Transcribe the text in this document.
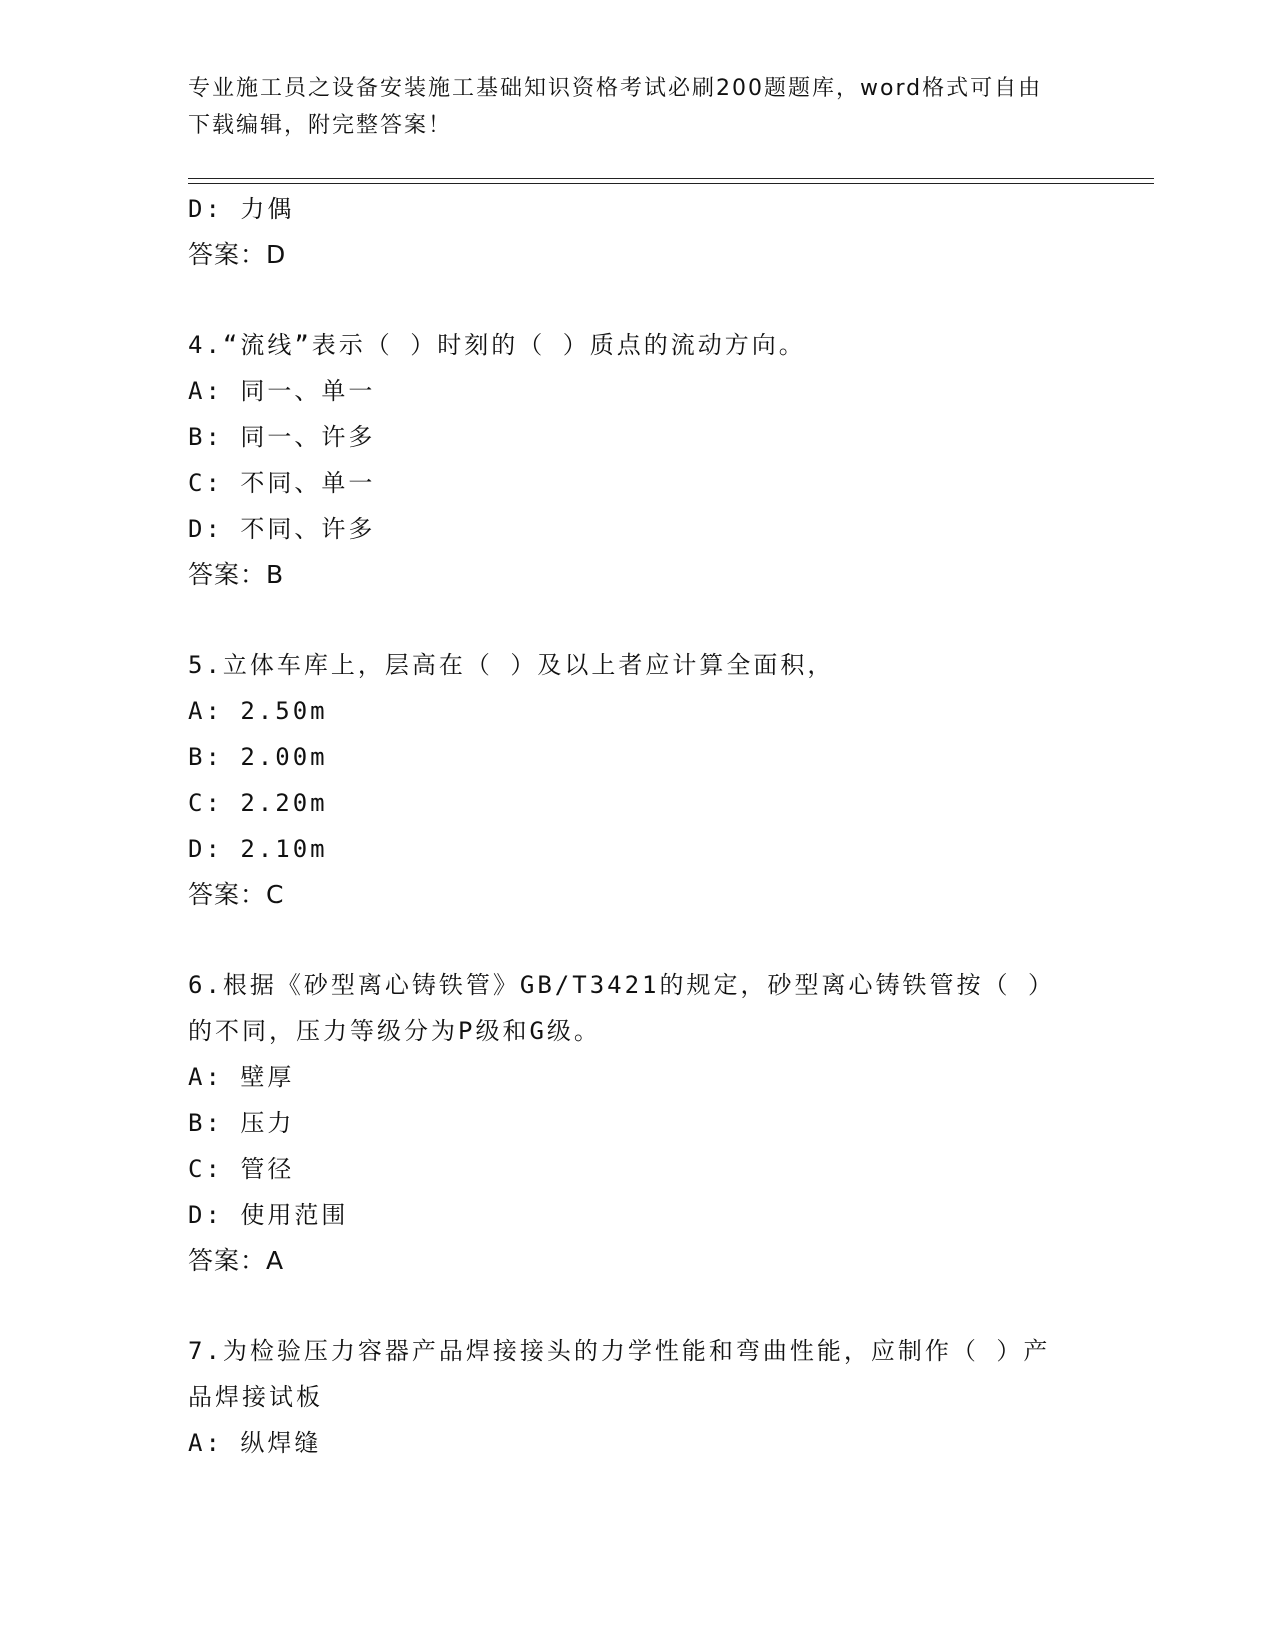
专业施工员之设备安装施工基础知识资格考试必刷200题题库，word格式可自由
下载编辑，附完整答案！
D: 力偶
答案：D
4.“流线”表示（ ）时刻的（ ）质点的流动方向。
A: 同一、单一
B: 同一、许多
C: 不同、单一
D: 不同、许多
答案：B
5.立体车库上，层高在（ ）及以上者应计算全面积，
A: 2.50m
B: 2.00m
C: 2.20m
D: 2.10m
答案：C
6.根据《砂型离心铸铁管》GB/T3421的规定，砂型离心铸铁管按（ ）的不同，压力等级分为P级和G级。
A: 壁厚
B: 压力
C: 管径
D: 使用范围
答案：A
7.为检验压力容器产品焊接接头的力学性能和弯曲性能，应制作（ ）产品焊接试板
A: 纵焊缝
